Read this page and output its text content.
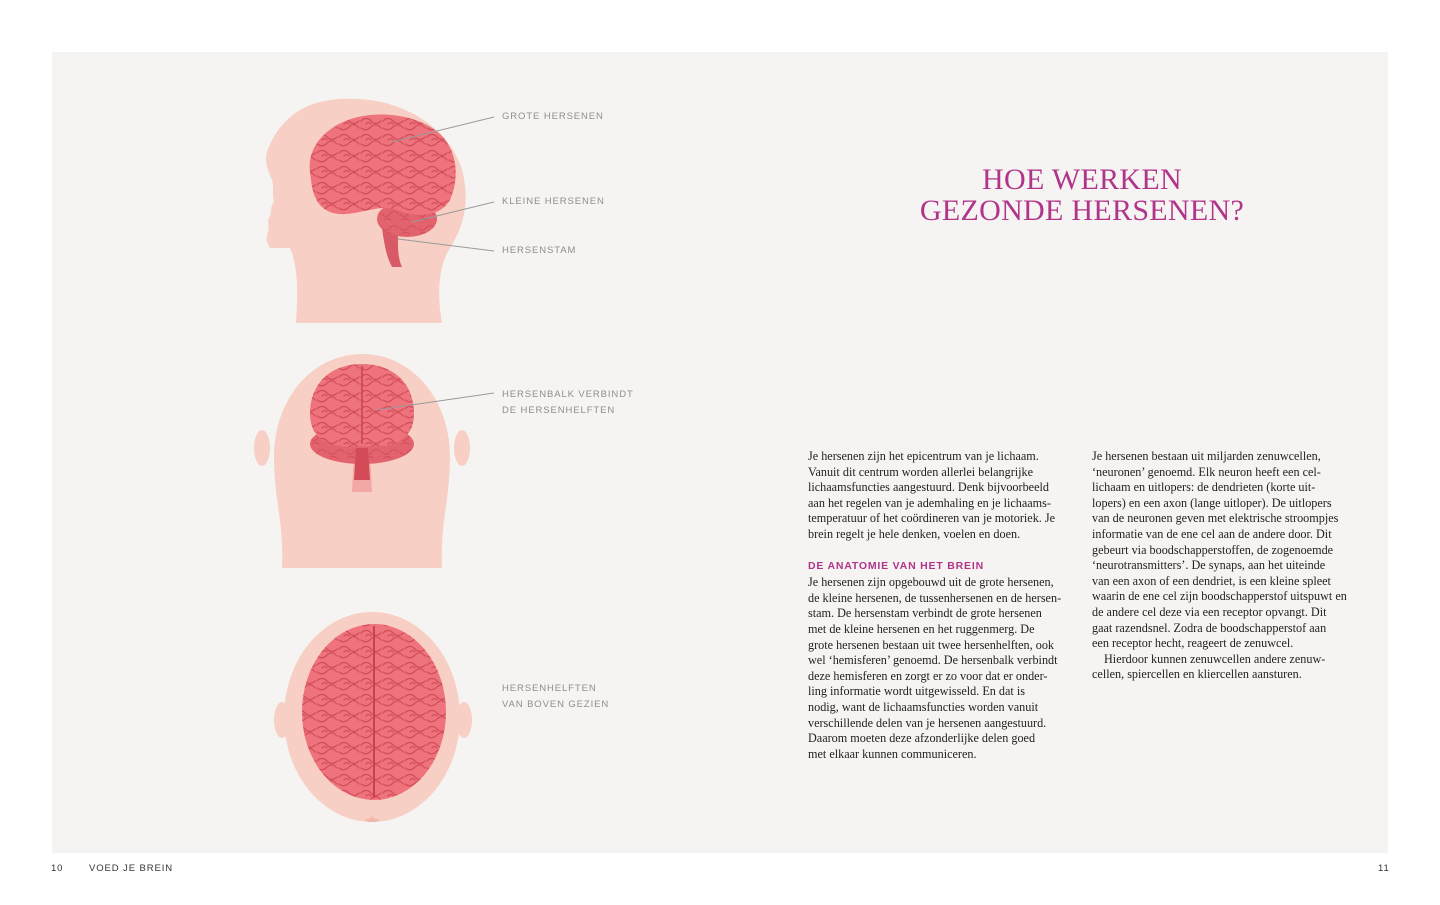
GROTE HERSENEN
KLEINE HERSENEN
HERSENSTAM
HERSENBALK VERBINDT
DE HERSENHELFTEN
HERSENHELFTEN
VAN BOVEN GEZIEN
HOE WERKEN
GEZONDE HERSENEN?

Je hersenen zijn het epicentrum van je lichaam.
Vanuit dit centrum worden allerlei belangrijke
lichaamsfuncties aangestuurd. Denk bijvoorbeeld
aan het regelen van je ademhaling en je lichaams-
temperatuur of het coördineren van je motoriek. Je
brein regelt je hele denken, voelen en doen.

DE ANATOMIE VAN HET BREIN

Je hersenen zijn opgebouwd uit de grote hersenen,
de kleine hersenen, de tussenhersenen en de hersen-
stam. De hersenstam verbindt de grote hersenen
met de kleine hersenen en het ruggenmerg. De
grote hersenen bestaan uit twee hersenhelften, ook
wel ‘hemisferen’ genoemd. De hersenbalk verbindt
deze hemisferen en zorgt er zo voor dat er onder-
ling informatie wordt uitgewisseld. En dat is
nodig, want de lichaamsfuncties worden vanuit
verschillende delen van je hersenen aangestuurd.
Daarom moeten deze afzonderlijke delen goed
met elkaar kunnen communiceren.

Je hersenen bestaan uit miljarden zenuwcellen,
‘neuronen’ genoemd. Elk neuron heeft een cel-
lichaam en uitlopers: de dendrieten (korte uit-
lopers) en een axon (lange uitloper). De uitlopers
van de neuronen geven met elektrische stroompjes
informatie van de ene cel aan de andere door. Dit
gebeurt via boodschapperstoffen, de zogenoemde
‘neurotransmitters’. De synaps, aan het uiteinde
van een axon of een dendriet, is een kleine spleet
waarin de ene cel zijn boodschapperstof uitspuwt en
de andere cel deze via een receptor opvangt. Dit
gaat razendsnel. Zodra de boodschapperstof aan
een receptor hecht, reageert de zenuwcel.

Hierdoor kunnen zenuwcellen andere zenuw-
cellen, spiercellen en kliercellen aansturen.

10	VOED JE BREIN	11
